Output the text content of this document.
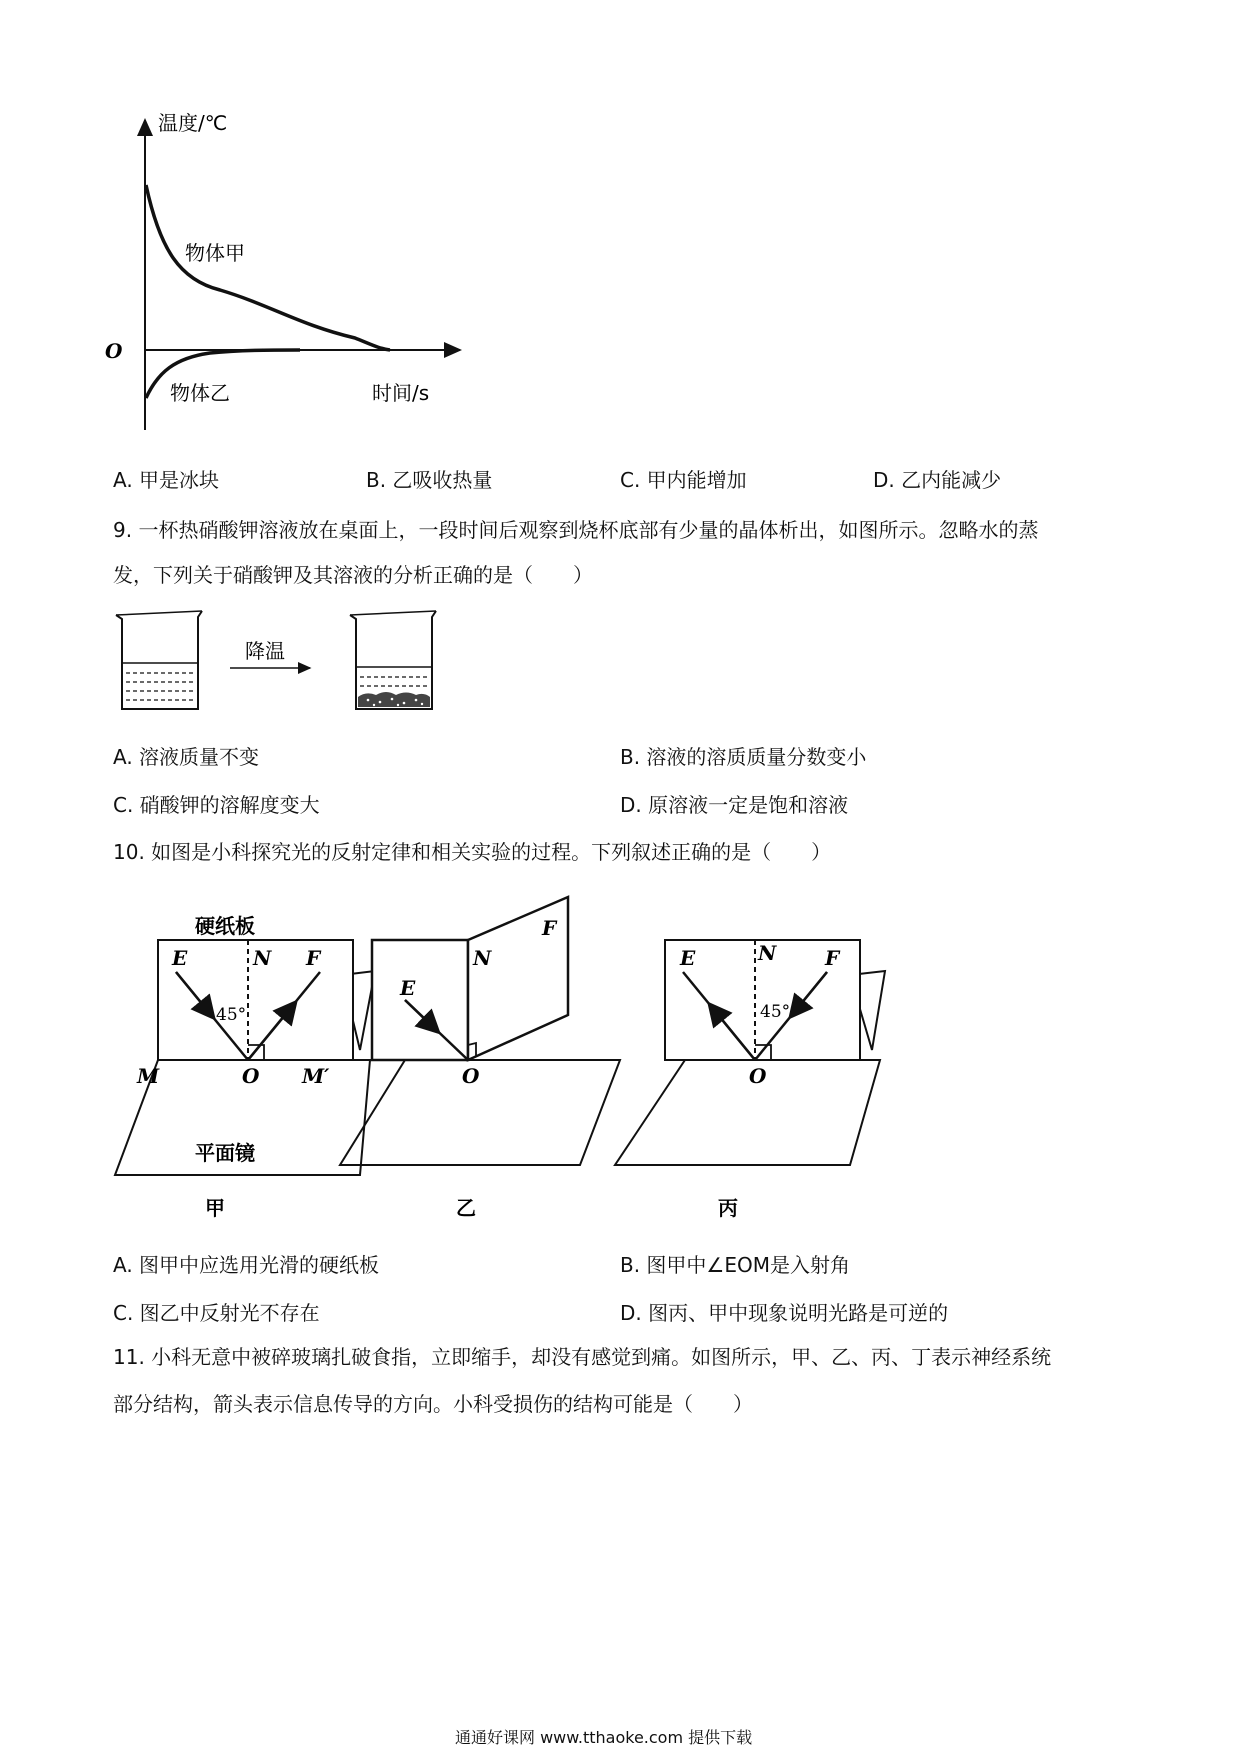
温度/℃
时间/s
O
物体甲
物体乙
A. 甲是冰块	B. 乙吸收热量	C. 甲内能增加	D. 乙内能减少
9. 一杯热硝酸钾溶液放在桌面上，一段时间后观察到烧杯底部有少量的晶体析出，如图所示。忽略水的蒸
发，下列关于硝酸钾及其溶液的分析正确的是（　　）
降温
A. 溶液质量不变	B. 溶液的溶质质量分数变小
C. 硝酸钾的溶解度变大	D. 原溶液一定是饱和溶液
10. 如图是小科探究光的反射定律和相关实验的过程。下列叙述正确的是（　　）
硬纸板
E	N F
45°
M	O M′
平面镜
甲
E
N
F
O
乙
E	N F
45°
O
丙
A. 图甲中应选用光滑的硬纸板	B. 图甲中∠EOM是入射角
C. 图乙中反射光不存在	D. 图丙、甲中现象说明光路是可逆的
11. 小科无意中被碎玻璃扎破食指，立即缩手，却没有感觉到痛。如图所示，甲、乙、丙、丁表示神经系统
部分结构，箭头表示信息传导的方向。小科受损伤的结构可能是（　　）
通通好课网 www.tthaoke.com 提供下载
